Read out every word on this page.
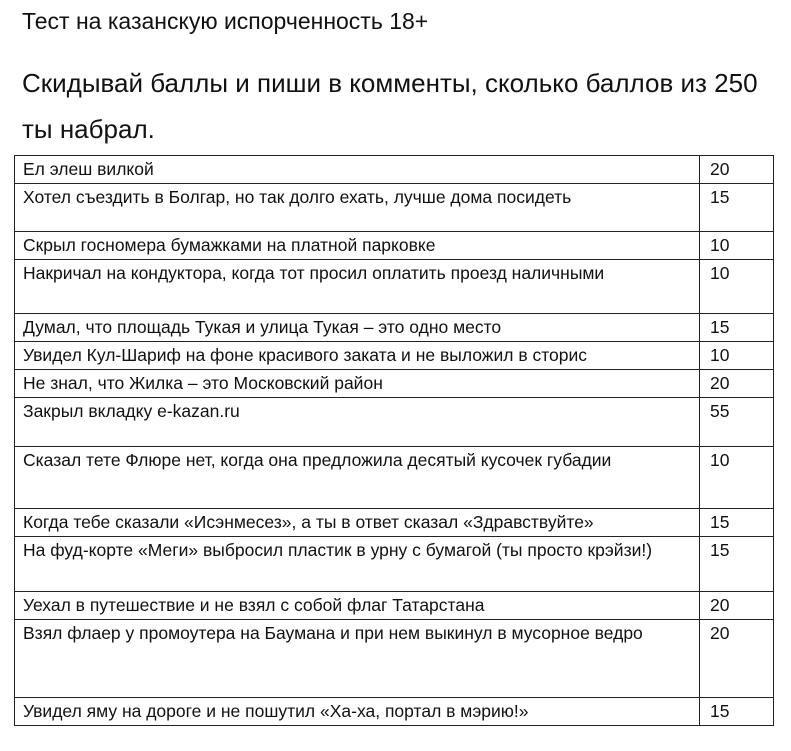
Тест на казанскую испорченность 18+
Скидывай баллы и пиши в комменты, сколько баллов из 250 ты набрал.
Ел элеш вилкой	20
Хотел съездить в Болгар, но так долго ехать, лучше дома посидеть	15
Скрыл госномера бумажками на платной парковке	10
Накричал на кондуктора, когда тот просил оплатить проезд наличными	10
Думал, что площадь Тукая и улица Тукая – это одно место	15
Увидел Кул-Шариф на фоне красивого заката и не выложил в сторис	10
Не знал, что Жилка – это Московский район	20
Закрыл вкладку e-kazan.ru	55
Сказал тете Флюре нет, когда она предложила десятый кусочек губадии	10
Когда тебе сказали «Исэнмесез», а ты в ответ сказал «Здравствуйте»	15
На фуд-корте «Меги» выбросил пластик в урну с бумагой (ты просто крэйзи!)	15
Уехал в путешествие и не взял с собой флаг Татарстана	20
Взял флаер у промоутера на Баумана и при нем выкинул в мусорное ведро	20
Увидел яму на дороге и не пошутил «Ха-ха, портал в мэрию!»	15
